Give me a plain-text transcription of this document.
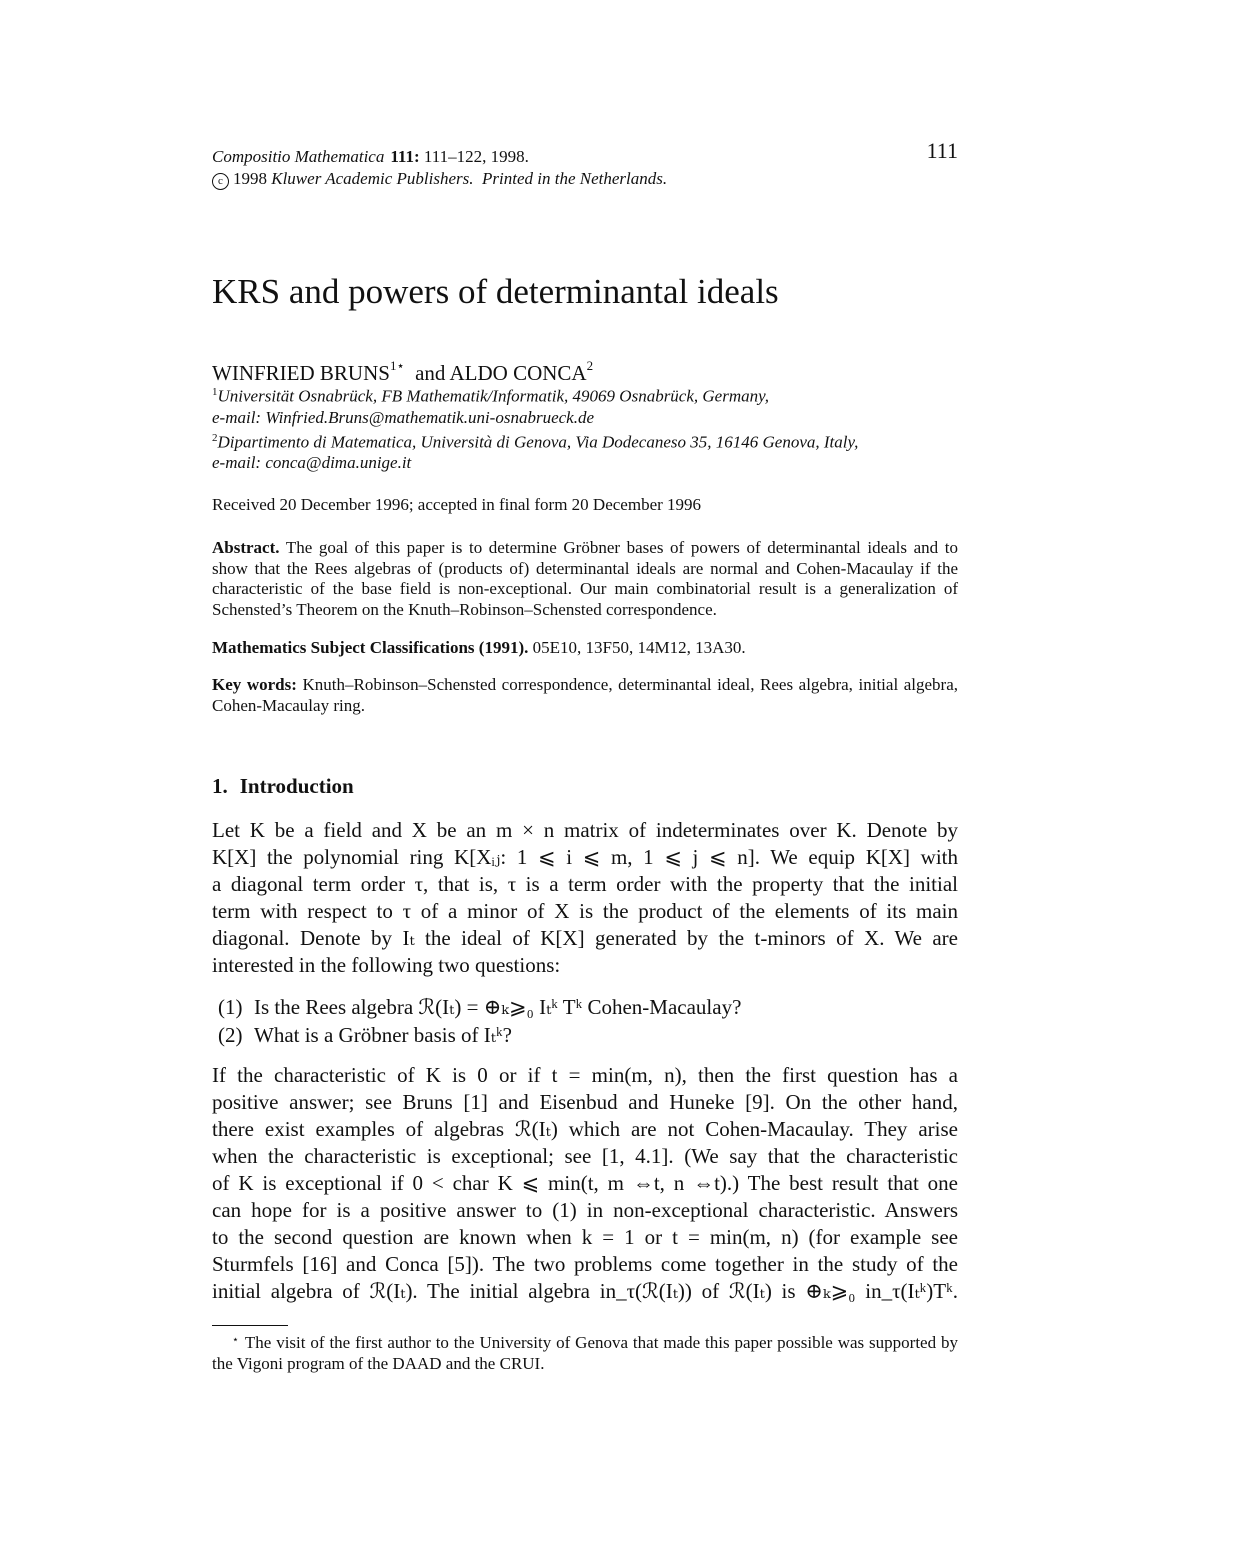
Compositio Mathematica 111: 111–122, 1998.
c 1998 Kluwer Academic Publishers. Printed in the Netherlands.
111
KRS and powers of determinantal ideals
WINFRIED $BRUNS^{1⋆}$ and ALDO CONCA$^2$
$^1$Universität Osnabrück, FB Mathematik/Informatik, 49069 Osnabrück, Germany,
e-mail: Winfried.Bruns@mathematik.uni-osnabrueck.de
$^2$Dipartimento di Matematica, Università di Genova, Via Dodecaneso 35, 16146 Genova, Italy,
e-mail: conca@dima.unige.it
Received 20 December 1996; accepted in final form 20 December 1996
Abstract. The goal of this paper is to determine Gröbner bases of powers of determinantal ideals and to show that the Rees algebras of (products of) determinantal ideals are normal and Cohen-Macaulay if the characteristic of the base field is non-exceptional. Our main combinatorial result is a generalization of Schensted’s Theorem on the Knuth–Robinson–Schensted correspondence.
Mathematics Subject Classifications (1991). 05E10, 13F50, 14M12, 13A30.
Key words: Knuth–Robinson–Schensted correspondence, determinantal ideal, Rees algebra, initial algebra, Cohen-Macaulay ring.
1. Introduction
Let K be a field and X be an m × n matrix of indeterminates over K. Denote by
K[X] the polynomial ring K[Xᵢⱼ: 1 ⩽ i ⩽ m, 1 ⩽ j ⩽ n]. We equip K[X] with
a diagonal term order τ, that is, τ is a term order with the property that the initial
term with respect to τ of a minor of X is the product of the elements of its main
diagonal. Denote by Iₜ the ideal of K[X] generated by the t-minors of X. We are
interested in the following two questions:
(1) Is the Rees algebra ℛ(Iₜ) = ⊕ₖ⩾₀ Iₜᵏ Tᵏ Cohen-Macaulay?
(2) What is a Gröbner basis of Iₜᵏ?
If the characteristic of K is 0 or if t = min(m, n), then the first question has a
positive answer; see Bruns [1] and Eisenbud and Huneke [9]. On the other hand,
there exist examples of algebras ℛ(Iₜ) which are not Cohen-Macaulay. They arise
when the characteristic is exceptional; see [1, 4.1]. (We say that the characteristic
of K is exceptional if 0 < char K ⩽ min(t, m ⇔t, n ⇔t).) The best result that one
can hope for is a positive answer to (1) in non-exceptional characteristic. Answers
to the second question are known when k = 1 or t = min(m, n) (for example see
Sturmfels [16] and Conca [5]). The two problems come together in the study of the
initial algebra of ℛ(Iₜ). The initial algebra in_τ(ℛ(Iₜ)) of ℛ(Iₜ) is ⊕ₖ⩾₀ in_τ(Iₜᵏ)Tᵏ.
⋆ The visit of the first author to the University of Genova that made this paper possible was supported by the Vigoni program of the DAAD and the CRUI.
